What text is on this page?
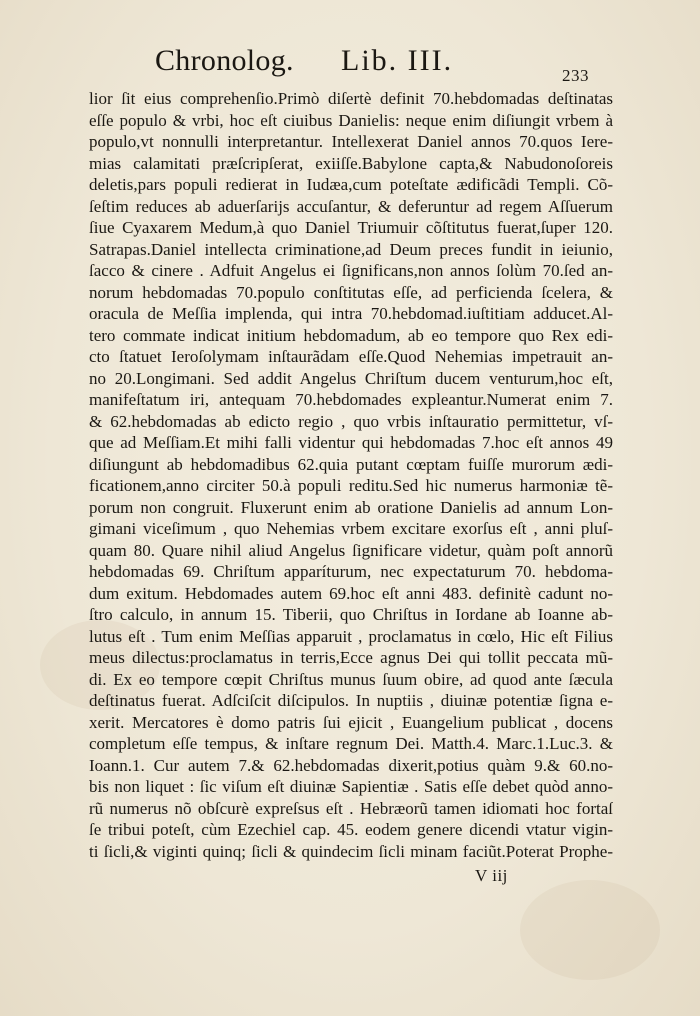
Chronolog. Lib. III.	233
lior ſit eius comprehenſio.Primò diſertè definit 70.hebdomadas deſtinatas
eſſe populo & vrbi, hoc eſt ciuibus Danielis: neque enim diſiungit vrbem à
populo,vt nonnulli interpretantur. Intellexerat Daniel annos 70.quos Iere-
mias calamitati præſcripſerat, exiiſſe.Babylone capta,& Nabudonoſoreis
deletis,pars populi redierat in Iudæa,cum poteſtate ædificãdi Templi. Cõ-
ſeſtim reduces ab aduerſarijs accuſantur, & deferuntur ad regem Aſſuerum
ſiue Cyaxarem Medum,à quo Daniel Triumuir cõſtitutus fuerat,ſuper 120.
Satrapas.Daniel intellecta criminatione,ad Deum preces fundit in ieiunio,
ſacco & cinere . Adfuit Angelus ei ſignificans,non annos ſolùm 70.ſed an-
norum hebdomadas 70.populo conſtitutas eſſe, ad perficienda ſcelera, &
oracula de Meſſia implenda, qui intra 70.hebdomad.iuſtitiam adducet.Al-
tero commate indicat initium hebdomadum, ab eo tempore quo Rex edi-
cto ſtatuet Ieroſolymam inſtaurãdam eſſe.Quod Nehemias impetrauit an-
no 20.Longimani. Sed addit Angelus Chriſtum ducem venturum,hoc eſt,
manifeſtatum iri, antequam 70.hebdomades expleantur.Numerat enim 7.
& 62.hebdomadas ab edicto regio , quo vrbis inſtauratio permittetur, vſ-
que ad Meſſiam.Et mihi falli videntur qui hebdomadas 7.hoc eſt annos 49
diſiungunt ab hebdomadibus 62.quia putant cœptam fuiſſe murorum ædi-
ficationem,anno circiter 50.à populi reditu.Sed hic numerus harmoniæ tẽ-
porum non congruit. Fluxerunt enim ab oratione Danielis ad annum Lon-
gimani viceſimum , quo Nehemias vrbem excitare exorſus eſt , anni pluſ-
quam 80. Quare nihil aliud Angelus ſignificare videtur, quàm poſt annorũ
hebdomadas 69. Chriſtum apparíturum, nec expectaturum 70. hebdoma-
dum exitum. Hebdomades autem 69.hoc eſt anni 483. definitè cadunt no-
ſtro calculo, in annum 15. Tiberii, quo Chriſtus in Iordane ab Ioanne ab-
lutus eſt . Tum enim Meſſias apparuit , proclamatus in cœlo, Hic eſt Filius
meus dilectus:proclamatus in terris,Ecce agnus Dei qui tollit peccata mũ-
di. Ex eo tempore cœpit Chriſtus munus ſuum obire, ad quod ante ſæcula
deſtinatus fuerat. Adſciſcit diſcipulos. In nuptiis , diuinæ potentiæ ſigna e-
xerit. Mercatores è domo patris ſui ejicit , Euangelium publicat , docens
completum eſſe tempus, & inſtare regnum Dei. Matth.4. Marc.1.Luc.3. &
Ioann.1. Cur autem 7.& 62.hebdomadas dixerit,potius quàm 9.& 60.no-
bis non liquet : ſic viſum eſt diuinæ Sapientiæ . Satis eſſe debet quòd anno-
rũ numerus nõ obſcurè expreſsus eſt . Hebræorũ tamen idiomati hoc fortaſ
ſe tribui poteſt, cùm Ezechiel cap. 45. eodem genere dicendi vtatur vigin-
ti ſicli,& viginti quinq; ſicli & quindecim ſicli minam faciũt.Poterat Prophe-
V iij
